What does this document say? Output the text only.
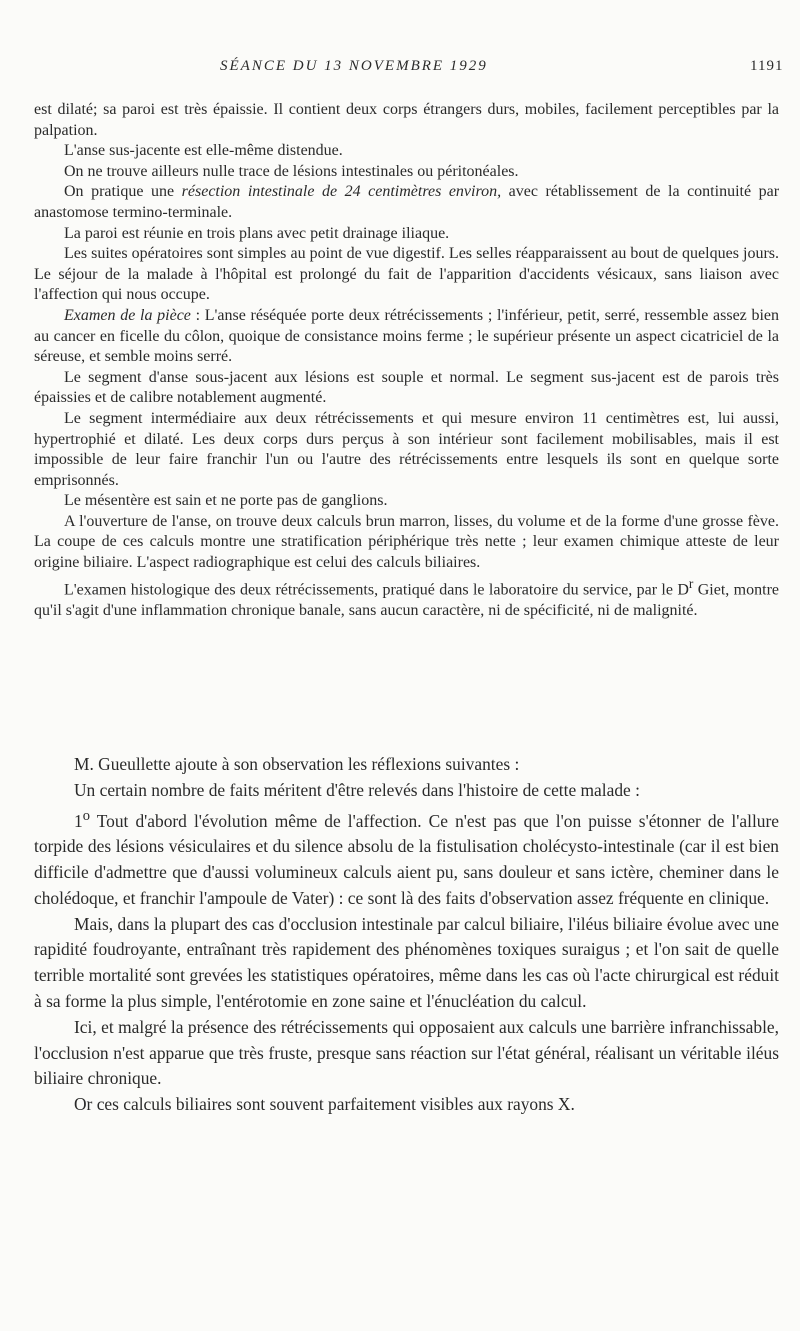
SÉANCE DU 13 NOVEMBRE 1929	1191

est dilaté; sa paroi est très épaissie. Il contient deux corps étrangers durs, mobiles, facilement perceptibles par la palpation.

L'anse sus-jacente est elle-même distendue.

On ne trouve ailleurs nulle trace de lésions intestinales ou péritonéales.

On pratique une résection intestinale de 24 centimètres environ, avec rétablissement de la continuité par anastomose termino-terminale.

La paroi est réunie en trois plans avec petit drainage iliaque.

Les suites opératoires sont simples au point de vue digestif. Les selles réapparaissent au bout de quelques jours. Le séjour de la malade à l'hôpital est prolongé du fait de l'apparition d'accidents vésicaux, sans liaison avec l'affection qui nous occupe.

Examen de la pièce : L'anse réséquée porte deux rétrécissements ; l'inférieur, petit, serré, ressemble assez bien au cancer en ficelle du côlon, quoique de consistance moins ferme ; le supérieur présente un aspect cicatriciel de la séreuse, et semble moins serré.

Le segment d'anse sous-jacent aux lésions est souple et normal. Le segment sus-jacent est de parois très épaissies et de calibre notablement augmenté.

Le segment intermédiaire aux deux rétrécissements et qui mesure environ 11 centimètres est, lui aussi, hypertrophié et dilaté. Les deux corps durs perçus à son intérieur sont facilement mobilisables, mais il est impossible de leur faire franchir l'un ou l'autre des rétrécissements entre lesquels ils sont en quelque sorte emprisonnés.

Le mésentère est sain et ne porte pas de ganglions.

A l'ouverture de l'anse, on trouve deux calculs brun marron, lisses, du volume et de la forme d'une grosse fève. La coupe de ces calculs montre une stratification périphérique très nette ; leur examen chimique atteste de leur origine biliaire. L'aspect radiographique est celui des calculs biliaires.

L'examen histologique des deux rétrécissements, pratiqué dans le laboratoire du service, par le $D^r$ Giet, montre qu'il s'agit d'une inflammation chronique banale, sans aucun caractère, ni de spécificité, ni de malignité.

M. Gueullette ajoute à son observation les réflexions suivantes :

Un certain nombre de faits méritent d'être relevés dans l'histoire de cette malade :

1$^o$ Tout d'abord l'évolution même de l'affection. Ce n'est pas que l'on puisse s'étonner de l'allure torpide des lésions vésiculaires et du silence absolu de la fistulisation cholécysto-intestinale (car il est bien difficile d'admettre que d'aussi volumineux calculs aient pu, sans douleur et sans ictère, cheminer dans le cholédoque, et franchir l'ampoule de Vater) : ce sont là des faits d'observation assez fréquente en clinique.

Mais, dans la plupart des cas d'occlusion intestinale par calcul biliaire, l'iléus biliaire évolue avec une rapidité foudroyante, entraînant très rapidement des phénomènes toxiques suraigus ; et l'on sait de quelle terrible mortalité sont grevées les statistiques opératoires, même dans les cas où l'acte chirurgical est réduit à sa forme la plus simple, l'entérotomie en zone saine et l'énucléation du calcul.

Ici, et malgré la présence des rétrécissements qui opposaient aux calculs une barrière infranchissable, l'occlusion n'est apparue que très fruste, presque sans réaction sur l'état général, réalisant un véritable iléus biliaire chronique.

Or ces calculs biliaires sont souvent parfaitement visibles aux rayons X.
